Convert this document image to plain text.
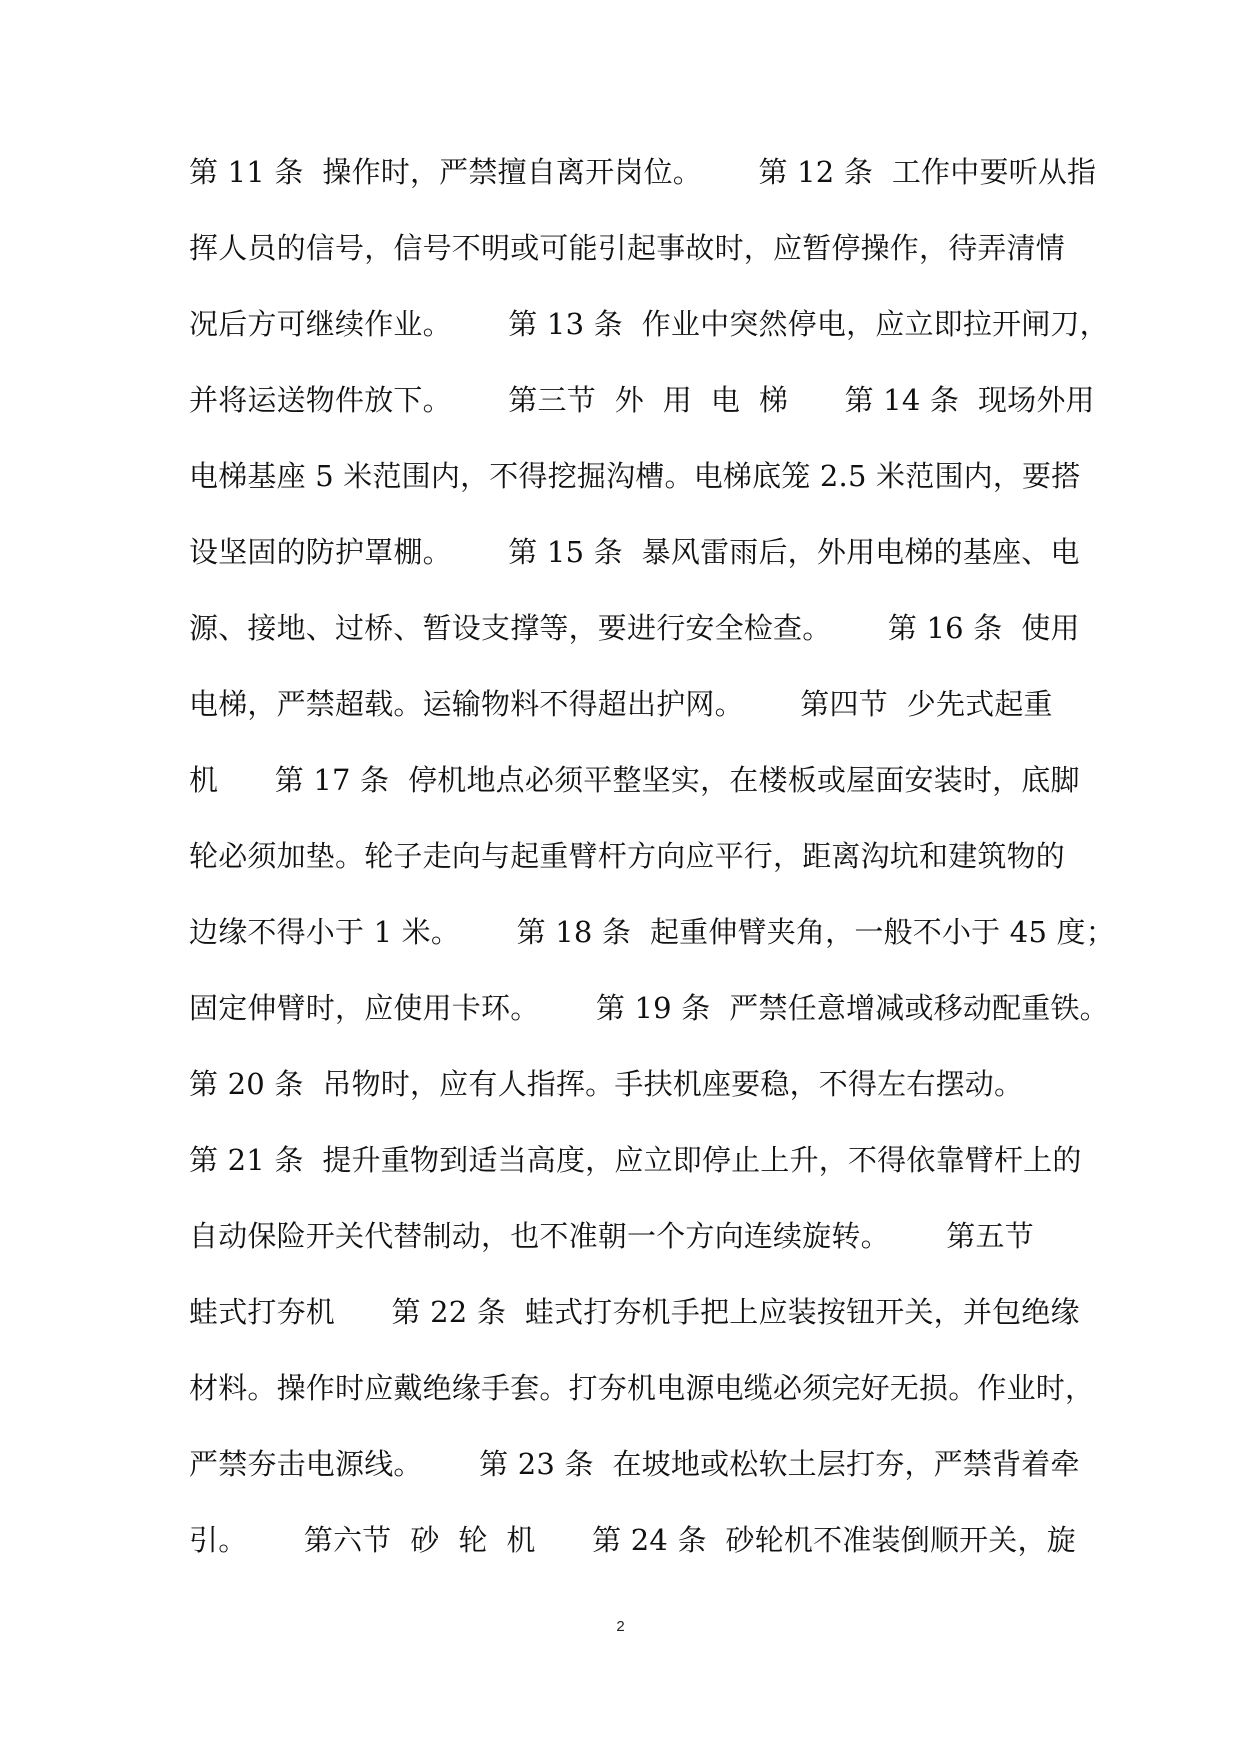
第 11 条  操作时，严禁擅自离开岗位。      第 12 条  工作中要听从指
挥人员的信号，信号不明或可能引起事故时，应暂停操作，待弄清情
况后方可继续作业。      第 13 条  作业中突然停电，应立即拉开闸刀，
并将运送物件放下。      第三节  外  用  电  梯      第 14 条  现场外用
电梯基座 5 米范围内，不得挖掘沟槽。电梯底笼 2.5 米范围内，要搭
设坚固的防护罩棚。      第 15 条  暴风雷雨后，外用电梯的基座、电
源、接地、过桥、暂设支撑等，要进行安全检查。      第 16 条  使用
电梯，严禁超载。运输物料不得超出护网。      第四节  少先式起重
机      第 17 条  停机地点必须平整坚实，在楼板或屋面安装时，底脚
轮必须加垫。轮子走向与起重臂杆方向应平行，距离沟坑和建筑物的
边缘不得小于 1 米。      第 18 条  起重伸臂夹角，一般不小于 45 度；
固定伸臂时，应使用卡环。      第 19 条  严禁任意增减或移动配重铁。
第 20 条  吊物时，应有人指挥。手扶机座要稳，不得左右摆动。
第 21 条  提升重物到适当高度，应立即停止上升，不得依靠臂杆上的
自动保险开关代替制动，也不准朝一个方向连续旋转。      第五节
蛙式打夯机      第 22 条  蛙式打夯机手把上应装按钮开关，并包绝缘
材料。操作时应戴绝缘手套。打夯机电源电缆必须完好无损。作业时，
严禁夯击电源线。      第 23 条  在坡地或松软土层打夯，严禁背着牵
引。      第六节  砂  轮  机      第 24 条  砂轮机不准装倒顺开关，旋
2
